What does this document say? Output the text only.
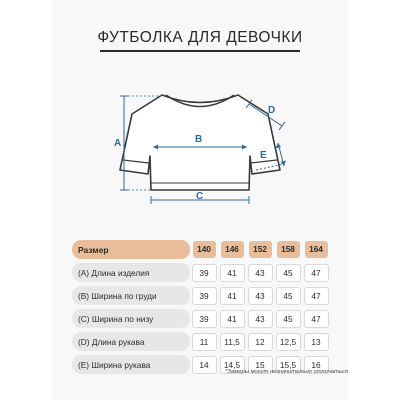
ФУТБОЛКА ДЛЯ ДЕВОЧКИ
A	B
C
D
E
Размер	140	146	152	158	164
(A) Длина изделия	39	41	43	45	47
(B) Ширина по груди	39	41	43	45	47
(C) Ширина по низу	39	41	43	45	47
(D) Длина рукава	11	11,5	12	12,5	13
(E) Ширина рукава	14	14,5	15	15,5	16
*Замеры могут незначительно отличаться
